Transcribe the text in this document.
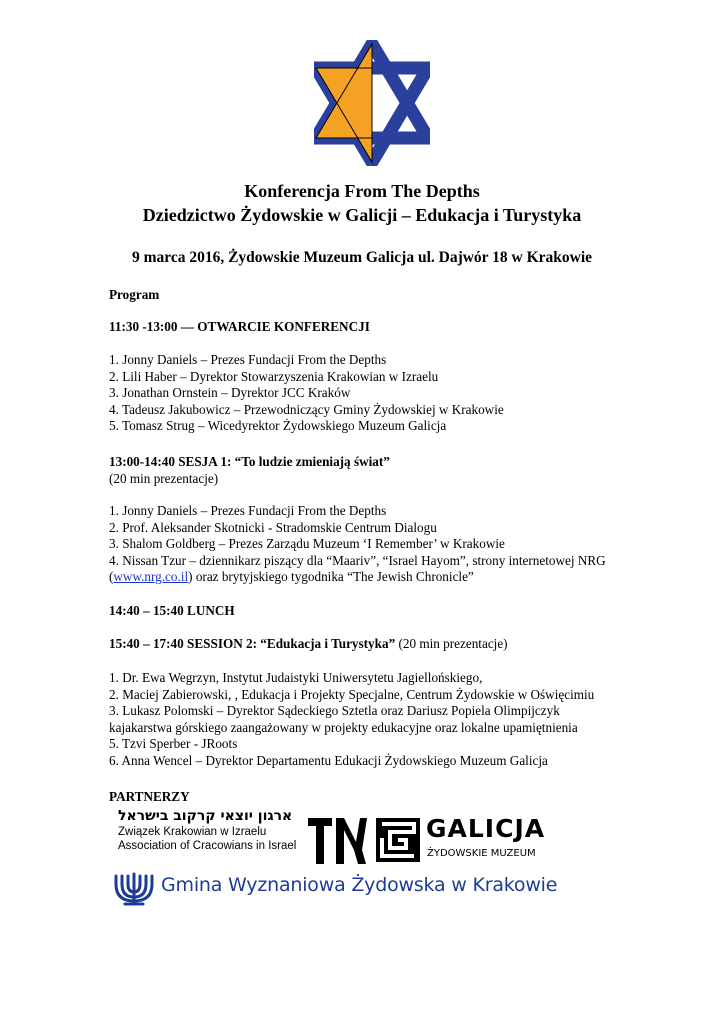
Konferencja From The Depths
Dziedzictwo Żydowskie w Galicji – Edukacja i Turystyka
9 marca 2016, Żydowskie Muzeum Galicja ul. Dajwór 18 w Krakowie
Program
11:30 -13:00 — OTWARCIE KONFERENCJI
1. Jonny Daniels – Prezes Fundacji From the Depths
2. Lili Haber – Dyrektor Stowarzyszenia Krakowian w Izraelu
3. Jonathan Ornstein – Dyrektor JCC Kraków
4. Tadeusz Jakubowicz – Przewodniczący Gminy Żydowskiej w Krakowie
5. Tomasz Strug – Wicedyrektor Żydowskiego Muzeum Galicja
13:00-14:40 SESJA 1: “To ludzie zmieniają świat”
(20 min prezentacje)
1. Jonny Daniels – Prezes Fundacji From the Depths
2. Prof. Aleksander Skotnicki - Stradomskie Centrum Dialogu
3. Shalom Goldberg – Prezes Zarządu Muzeum ‘I Remember’ w Krakowie
4. Nissan Tzur – dziennikarz piszący dla “Maariv”, “Israel Hayom”, strony internetowej NRG
(www.nrg.co.il) oraz brytyjskiego tygodnika “The Jewish Chronicle”
14:40 – 15:40 LUNCH
15:40 – 17:40 SESSION 2: “Edukacja i Turystyka” (20 min prezentacje)
1. Dr. Ewa Wegrzyn, Instytut Judaistyki Uniwersytetu Jagiellońskiego,
2. Maciej Zabierowski, , Edukacja i Projekty Specjalne, Centrum Żydowskie w Oświęcimiu
3. Lukasz Polomski – Dyrektor Sądeckiego Sztetla oraz Dariusz Popiela Olimpijczyk
kajakarstwa górskiego zaangażowany w projekty edukacyjne oraz lokalne upamiętnienia
5. Tzvi Sperber - JRoots
6. Anna Wencel – Dyrektor Departamentu Edukacji Żydowskiego Muzeum Galicja
PARTNERZY
ארגון יוצאי קרקוב בישראל
Związek Krakowian w Izraelu
Association of Cracowians in Israel
GALICJA
ŻYDOWSKIE MUZEUM
Gmina Wyznaniowa Żydowska w Krakowie
